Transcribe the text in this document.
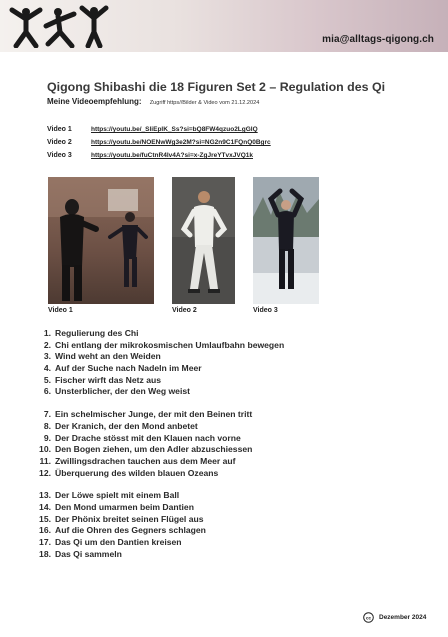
mia@alltags-qigong.ch
Qigong Shibashi die 18 Figuren Set 2 – Regulation des Qi
Meine Videoempfehlung: Zugriff https//Bilder & Video vom 21.12.2024
Video 1	https://youtu.be/_SliEplK_Ss?si=bQ8FW4qzuo2LgGIQ
Video 2	https://youtu.be/NOENwWg3e2M?si=NG2n9C1FQnQ0Bgrc
Video 3	https://youtu.be/fuCtnR4lv4A?si=x-ZgJreYTvxJVQ1k
Video 1	Video 2	Video 3
1. Regulierung des Chi
2. Chi entlang der mikrokosmischen Umlaufbahn bewegen
3. Wind weht an den Weiden
4. Auf der Suche nach Nadeln im Meer
5. Fischer wirft das Netz aus
6. Unsterblicher, der den Weg weist
7. Ein schelmischer Junge, der mit den Beinen tritt
8. Der Kranich, der den Mond anbetet
9. Der Drache stösst mit den Klauen nach vorne
10. Den Bogen ziehen, um den Adler abzuschiessen
11. Zwillingsdrachen tauchen aus dem Meer auf
12. Überquerung des wilden blauen Ozeans
13. Der Löwe spielt mit einem Ball
14. Den Mond umarmen beim Dantien
15. Der Phönix breitet seinen Flügel aus
16. Auf die Ohren des Gegners schlagen
17. Das Qi um den Dantien kreisen
18. Das Qi sammeln
cc Dezember 2024
